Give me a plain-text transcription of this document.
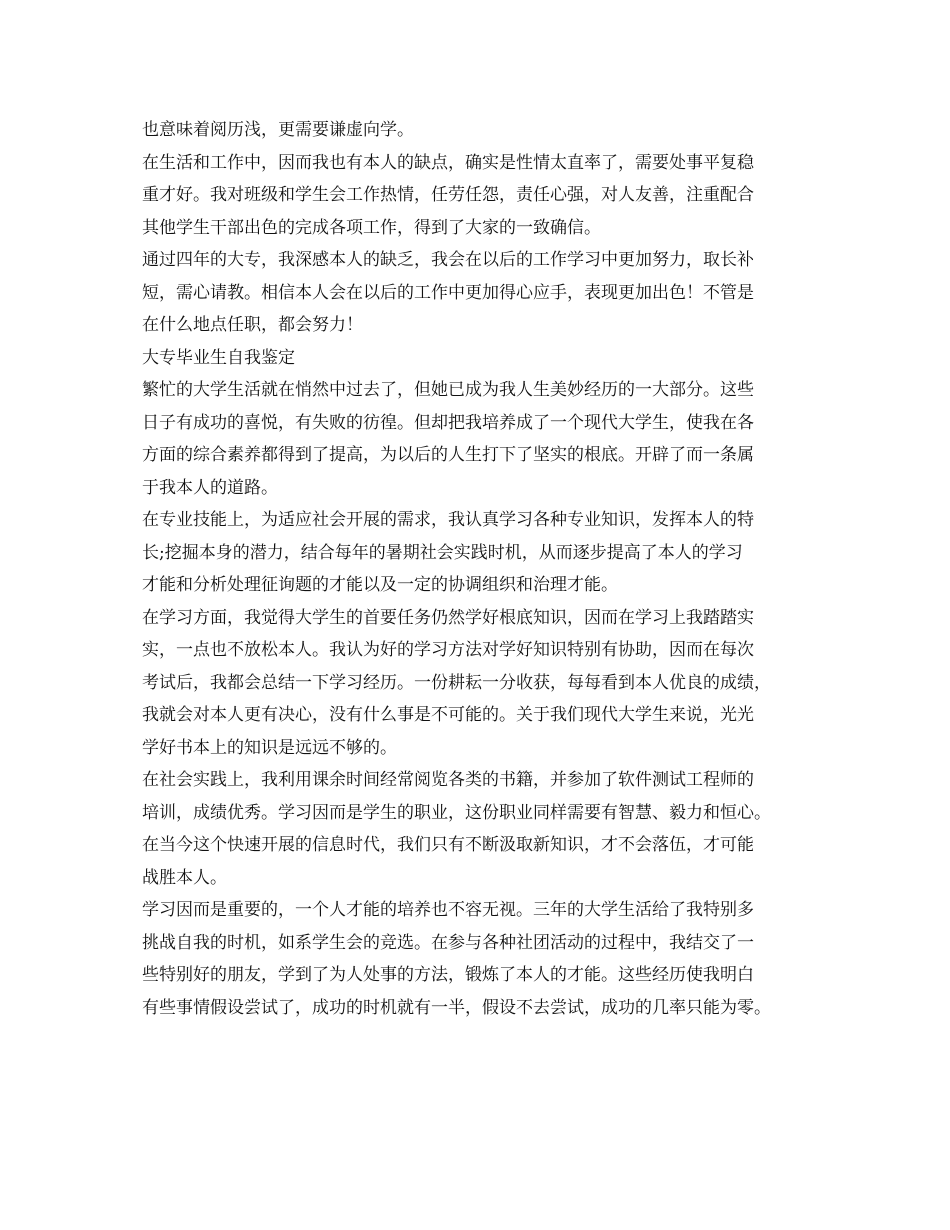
也意味着阅历浅，更需要谦虚向学。
在生活和工作中，因而我也有本人的缺点，确实是性情太直率了，需要处事平复稳
重才好。我对班级和学生会工作热情，任劳任怨，责任心强，对人友善，注重配合
其他学生干部出色的完成各项工作，得到了大家的一致确信。
通过四年的大专，我深感本人的缺乏，我会在以后的工作学习中更加努力，取长补
短，需心请教。相信本人会在以后的工作中更加得心应手，表现更加出色！不管是
在什么地点任职，都会努力！
大专毕业生自我鉴定
繁忙的大学生活就在悄然中过去了，但她已成为我人生美妙经历的一大部分。这些
日子有成功的喜悦，有失败的彷徨。但却把我培养成了一个现代大学生，使我在各
方面的综合素养都得到了提高，为以后的人生打下了坚实的根底。开辟了而一条属
于我本人的道路。
在专业技能上，为适应社会开展的需求，我认真学习各种专业知识，发挥本人的特
长;挖掘本身的潜力，结合每年的暑期社会实践时机，从而逐步提高了本人的学习
才能和分析处理征询题的才能以及一定的协调组织和治理才能。
在学习方面，我觉得大学生的首要任务仍然学好根底知识，因而在学习上我踏踏实
实，一点也不放松本人。我认为好的学习方法对学好知识特别有协助，因而在每次
考试后，我都会总结一下学习经历。一份耕耘一分收获，每每看到本人优良的成绩，
我就会对本人更有决心，没有什么事是不可能的。关于我们现代大学生来说，光光
学好书本上的知识是远远不够的。
在社会实践上，我利用课余时间经常阅览各类的书籍，并参加了软件测试工程师的
培训，成绩优秀。学习因而是学生的职业，这份职业同样需要有智慧、毅力和恒心。
在当今这个快速开展的信息时代，我们只有不断汲取新知识，才不会落伍，才可能
战胜本人。
学习因而是重要的，一个人才能的培养也不容无视。三年的大学生活给了我特别多
挑战自我的时机，如系学生会的竞选。在参与各种社团活动的过程中，我结交了一
些特别好的朋友，学到了为人处事的方法，锻炼了本人的才能。这些经历使我明白
有些事情假设尝试了，成功的时机就有一半，假设不去尝试，成功的几率只能为零。
